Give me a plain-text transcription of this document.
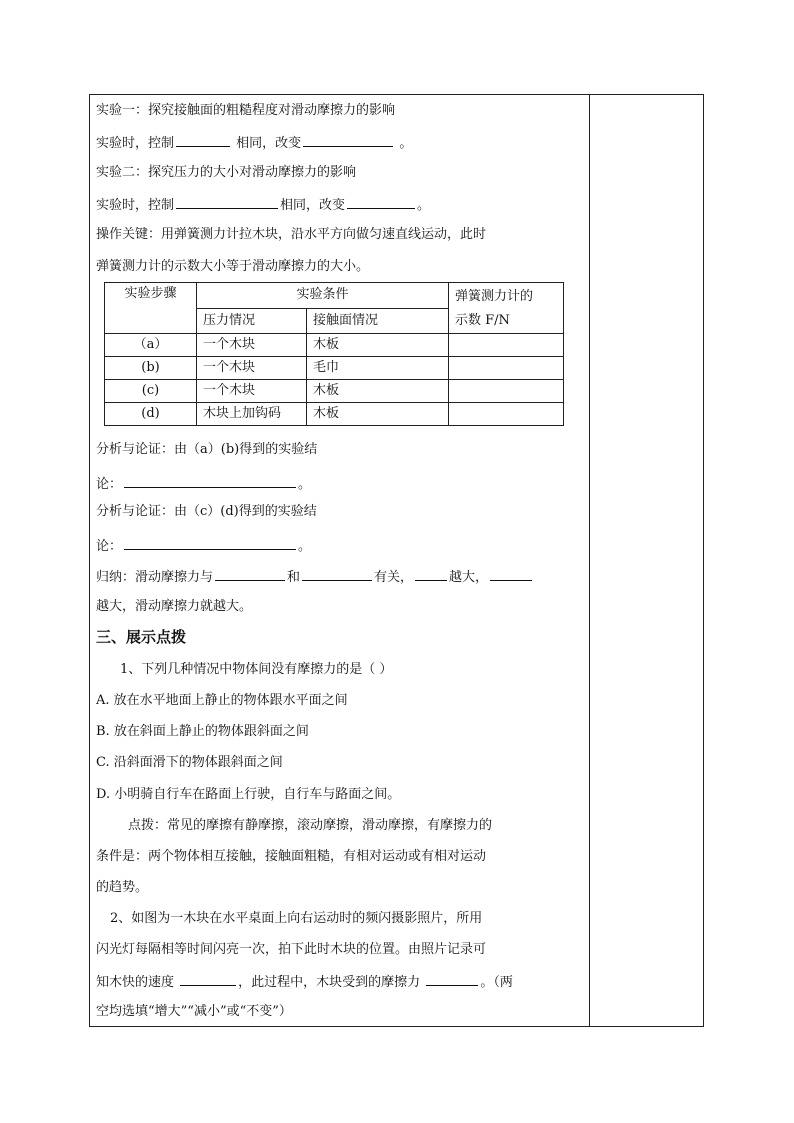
实验一：探究接触面的粗糙程度对滑动摩擦力的影响
实验时，控制	相同，改变	。
实验二：探究压力的大小对滑动摩擦力的影响
实验时，控制	相同，改变	。
操作关键：用弹簧测力计拉木块，沿水平方向做匀速直线运动，此时
弹簧测力计的示数大小等于滑动摩擦力的大小。
实验步骤	实验条件		弹簧测力计的
示数 F/N
	压力情况	接触面情况	
（a）	一个木块	木板	
(b)	一个木块	毛巾	
(c)	一个木块	木板	
(d)	木块上加钩码	木板	
分析与论证：由（a）(b)得到的实验结
论：	。
分析与论证：由（c）(d)得到的实验结
论：	。
归纳：滑动摩擦力与	和	有关，	越大，
越大，滑动摩擦力就越大。
三、展示点拨
1、下列几种情况中物体间没有摩擦力的是（ ）
A. 放在水平地面上静止的物体跟水平面之间
B. 放在斜面上静止的物体跟斜面之间
C. 沿斜面滑下的物体跟斜面之间
D. 小明骑自行车在路面上行驶，自行车与路面之间。
点拨：常见的摩擦有静摩擦，滚动摩擦，滑动摩擦，有摩擦力的
条件是：两个物体相互接触，接触面粗糙，有相对运动或有相对运动
的趋势。
2、如图为一木块在水平桌面上向右运动时的频闪摄影照片，所用
闪光灯每隔相等时间闪亮一次，拍下此时木块的位置。由照片记录可
知木快的速度	，此过程中，木块受到的摩擦力	。（两
空均选填“增大”“减小”或“不变”）
